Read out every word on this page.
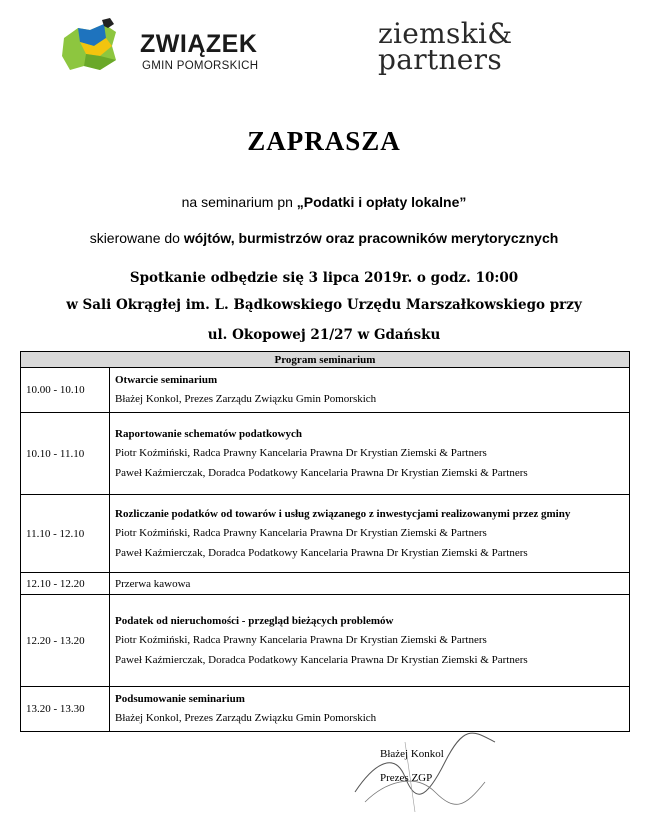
ZWIĄZEK
GMIN POMORSKICH
ziemski&
partners
ZAPRASZA
na seminarium pn „Podatki i opłaty lokalne”
skierowane do wójtów, burmistrzów oraz pracowników merytorycznych
Spotkanie odbędzie się 3 lipca 2019r. o godz. 10:00
w Sali Okrągłej im. L. Bądkowskiego Urzędu Marszałkowskiego przy
ul. Okopowej 21/27 w Gdańsku
Program seminarium	
10.00 - 10.10	Otwarcie seminarium
Błażej Konkol, Prezes Zarządu Związku Gmin Pomorskich

10.10 - 11.10	Raportowanie schematów podatkowych
Piotr Koźmiński, Radca Prawny Kancelaria Prawna Dr Krystian Ziemski & Partners
Paweł Kaźmierczak, Doradca Podatkowy Kancelaria Prawna Dr Krystian Ziemski & Partners

11.10 - 12.10	Rozliczanie podatków od towarów i usług związanego z inwestycjami realizowanymi przez gminy
Piotr Koźmiński, Radca Prawny Kancelaria Prawna Dr Krystian Ziemski & Partners
Paweł Kaźmierczak, Doradca Podatkowy Kancelaria Prawna Dr Krystian Ziemski & Partners

12.10 - 12.20	Przerwa kawowa
12.20 - 13.20	Podatek od nieruchomości - przegląd bieżących problemów
Piotr Koźmiński, Radca Prawny Kancelaria Prawna Dr Krystian Ziemski & Partners
Paweł Kaźmierczak, Doradca Podatkowy Kancelaria Prawna Dr Krystian Ziemski & Partners

13.20 - 13.30	Podsumowanie seminarium
Błażej Konkol, Prezes Zarządu Związku Gmin Pomorskich
Błażej Konkol
Prezes ZGP
